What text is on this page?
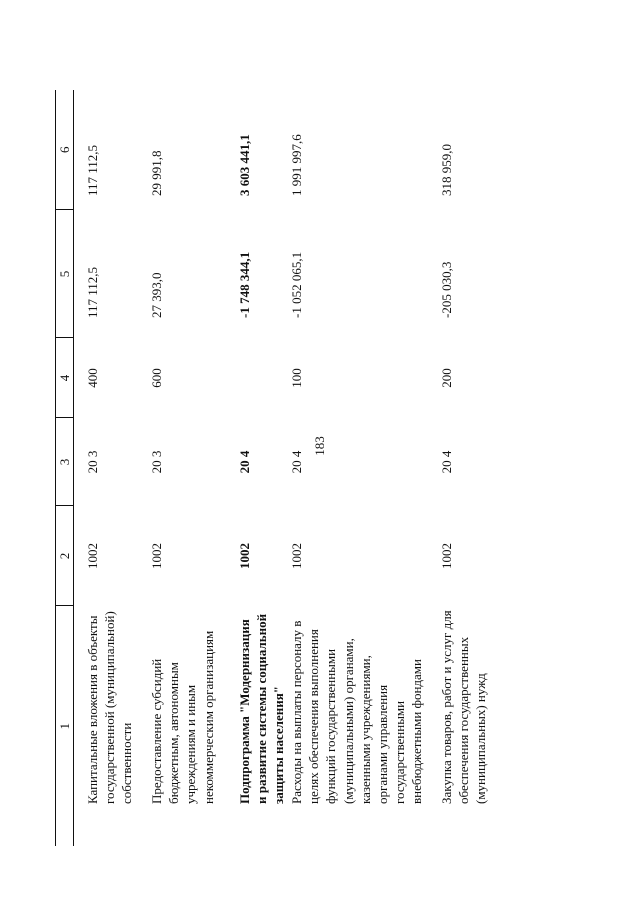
183
1	2	3	4	5	6
Капитальные вложения в объекты государственной (муниципальной) собственности	1002	20 3	400	117 112,5	117 112,5
Предоставление субсидий бюджетным, автономным учреждениям и иным некоммерческим организациям	1002	20 3	600	27 393,0	29 991,8
Подпрограмма "Модернизация и развитие системы социальной защиты населения"	1002	20 4		-1 748 344,1	3 603 441,1
Расходы на выплаты персоналу в целях обеспечения выполнения функций государственными (муниципальными) органами, казенными учреждениями, органами управления государственными внебюджетными фондами	1002	20 4	100	-1 052 065,1	1 991 997,6
Закупка товаров, работ и услуг для обеспечения государственных (муниципальных) нужд	1002	20 4	200	-205 030,3	318 959,0
